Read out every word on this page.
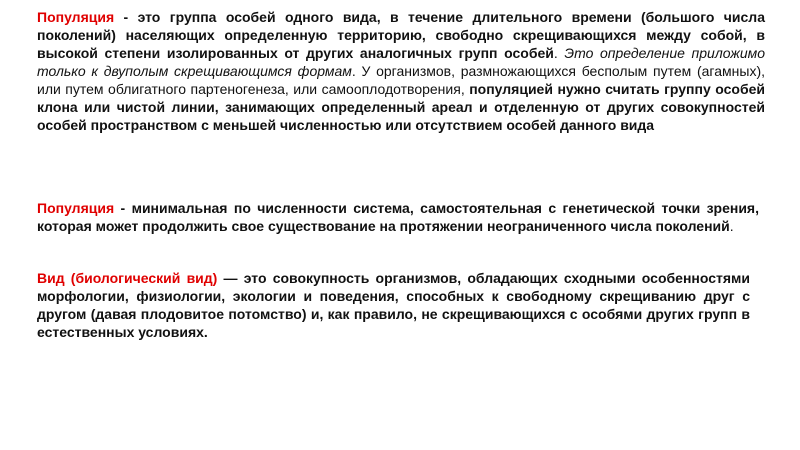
Популяция - это группа особей одного вида, в течение длительного времени (большого числа поколений) населяющих определенную территорию, свободно скрещивающихся между собой, в высокой степени изолированных от других аналогичных групп особей. Это определение приложимо только к двуполым скрещивающимся формам. У организмов, размножающихся бесполым путем (агамных), или путем облигатного партеногенеза, или самооплодотворения, популяцией нужно считать группу особей клона или чистой линии, занимающих определенный ареал и отделенную от других совокупностей особей пространством с меньшей численностью или отсутствием особей данного вида

Популяция - минимальная по численности система, самостоятельная с генетической точки зрения, которая может продолжить свое существование на протяжении неограниченного числа поколений.

Вид (биологический вид) — это совокупность организмов, обладающих сходными особенностями морфологии, физиологии, экологии и поведения, способных к свободному скрещиванию друг с другом (давая плодовитое потомство) и, как правило, не скрещивающихся с особями других групп в естественных условиях.
